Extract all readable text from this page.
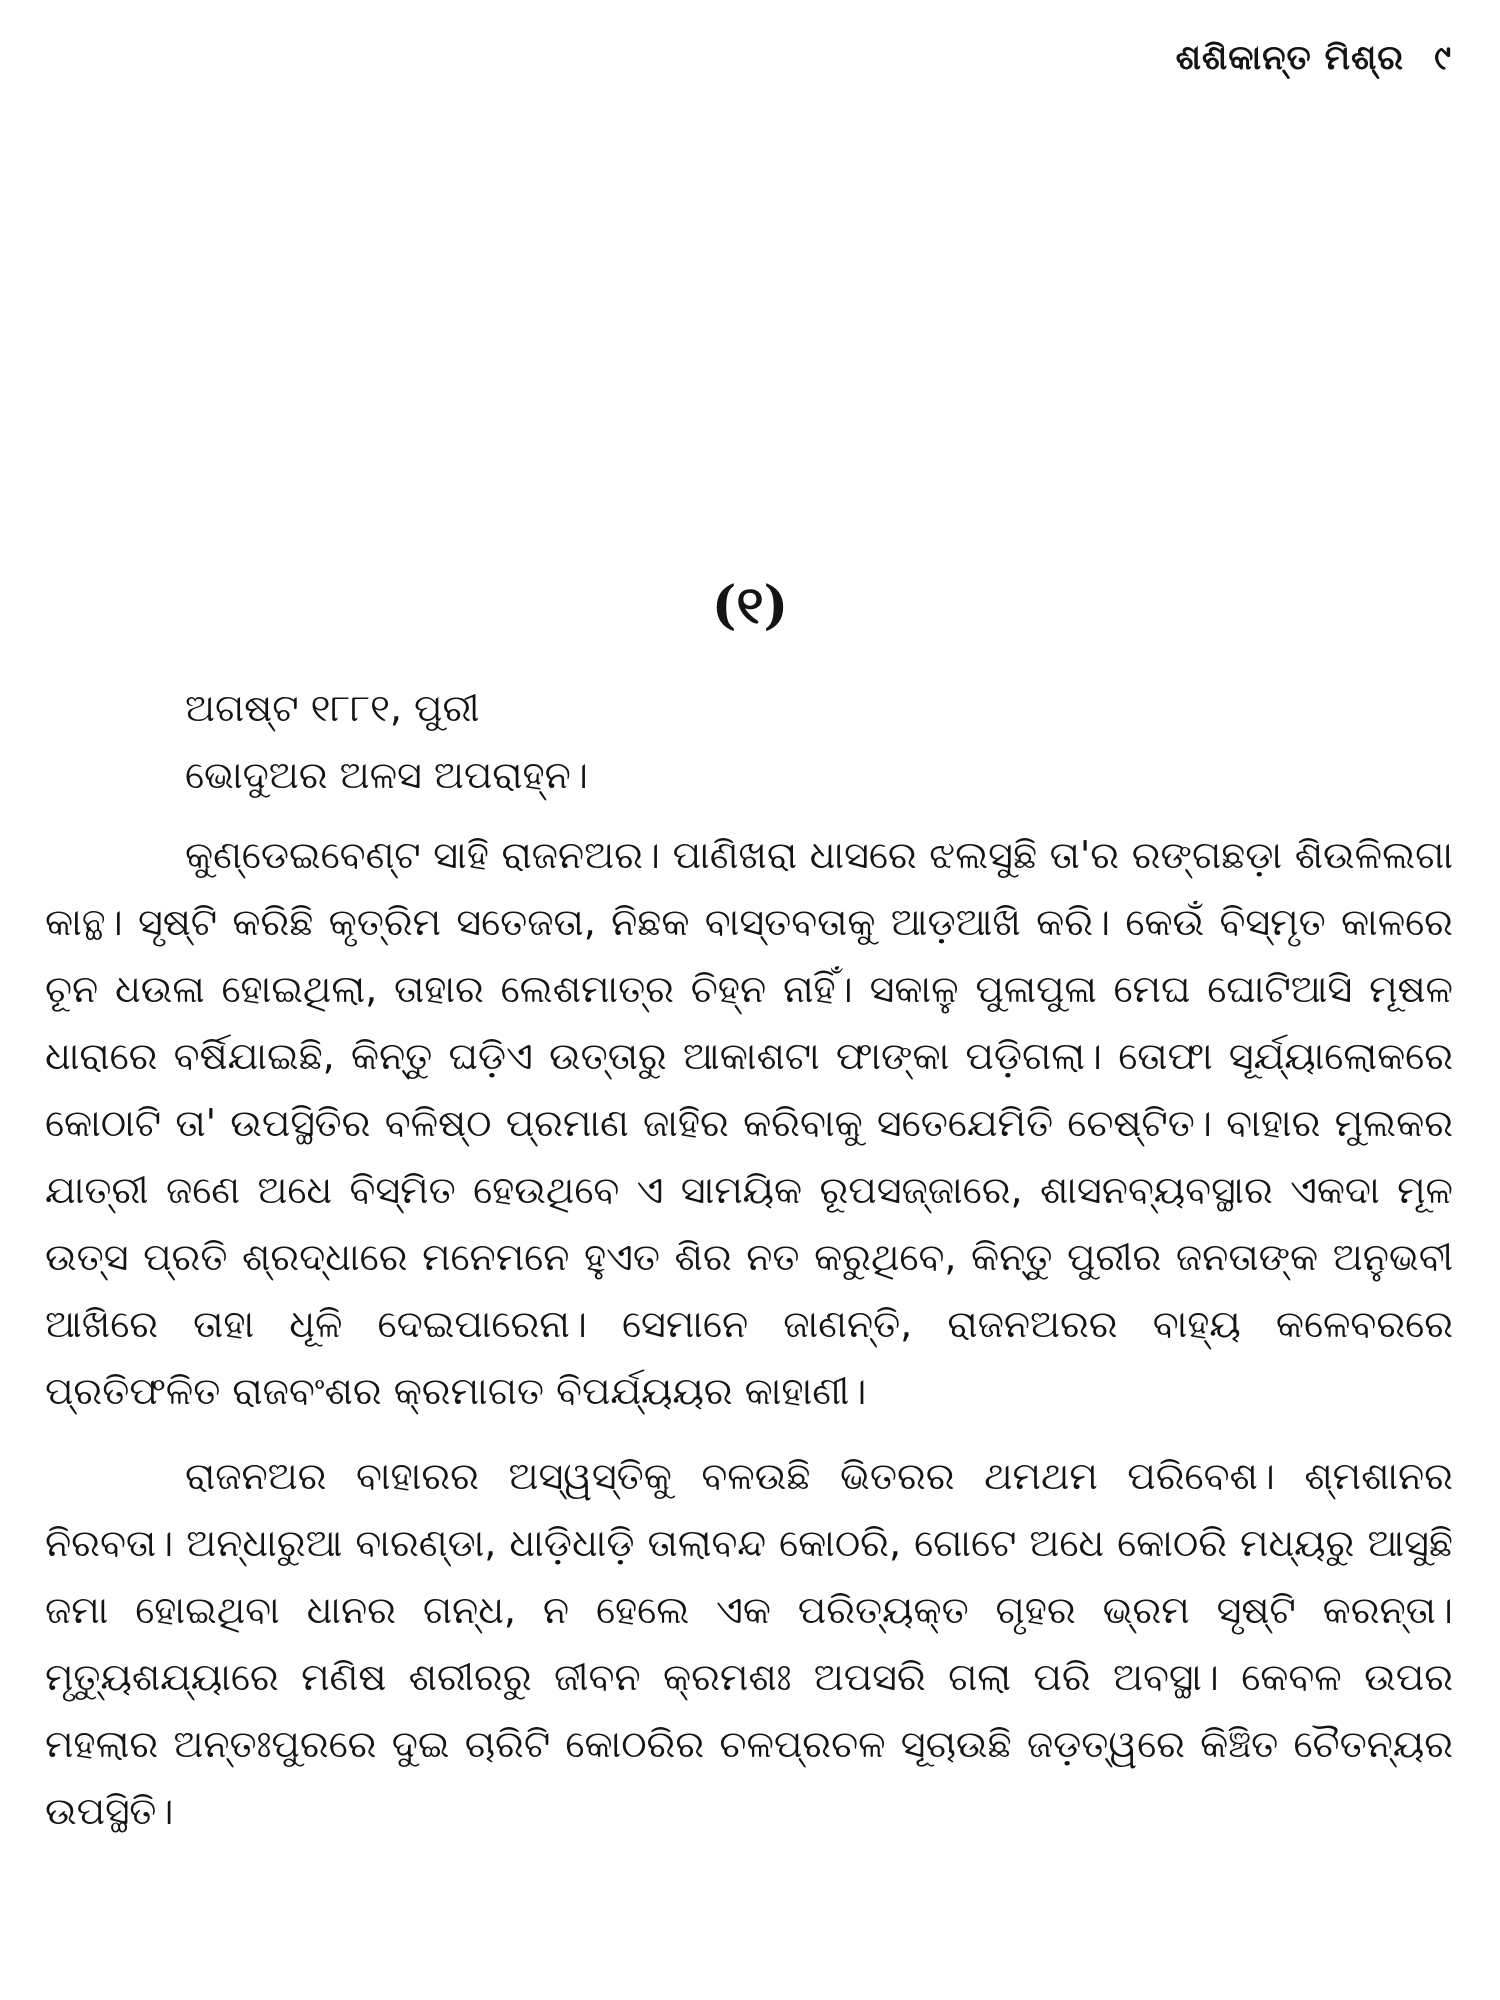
ଶଶିକାନ୍ତ ମିଶ୍ର ୯
(୧)

ଅଗଷ୍ଟ ୧୮୮୧, ପୁରୀ

ଭୋଦୁଅର ଅଳସ ଅପରାହ୍ନ।

କୁଣ୍ଡେଇବେଣ୍ଟ ସାହି ରାଜନଅର। ପାଣିଖରା ଧାସରେ ଝଲସୁଛି ତା'ର ରଙ୍ଗଛଡ଼ା ଶିଉଳିଲଗା କାନ୍ଥ। ସୃଷ୍ଟି କରିଛି କୃତ୍ରିମ ସତେଜତା, ନିଛକ ବାସ୍ତବତାକୁ ଆଡ଼ଆଖି କରି। କେଉଁ ବିସ୍ମୃତ କାଳରେ ଚୂନ ଧଉଳା ହୋଇଥିଲା, ତାହାର ଲେଶମାତ୍ର ଚିହ୍ନ ନାହିଁ। ସକାଳୁ ପୁଳାପୁଳା ମେଘ ଘୋଟିଆସି ମୂଷଳ ଧାରାରେ ବର୍ଷିଯାଇଛି, କିନ୍ତୁ ଘଡ଼ିଏ ଉତ୍ତାରୁ ଆକାଶଟା ଫାଙ୍କା ପଡ଼ିଗଲା। ତୋଫା ସୂର୍ଯ୍ୟାଲୋକରେ କୋଠାଟି ତା' ଉପସ୍ଥିତିର ବଳିଷ୍ଠ ପ୍ରମାଣ ଜାହିର କରିବାକୁ ସତେଯେମିତି ଚେଷ୍ଟିତ। ବାହାର ମୁଲକର ଯାତ୍ରୀ ଜଣେ ଅଧେ ବିସ୍ମିତ ହେଉଥିବେ ଏ ସାମୟିକ ରୂପସଜ୍ଜାରେ, ଶାସନବ୍ୟବସ୍ଥାର ଏକଦା ମୂଳ ଉତ୍ସ ପ୍ରତି ଶ୍ରଦ୍ଧାରେ ମନେମନେ ହୁଏତ ଶିର ନତ କରୁଥିବେ, କିନ୍ତୁ ପୁରୀର ଜନତାଙ୍କ ଅନୁଭବୀ ଆଖିରେ ତାହା ଧୂଳି ଦେଇପାରେନା। ସେମାନେ ଜାଣନ୍ତି, ରାଜନଅରର ବାହ୍ୟ କଳେବରରେ ପ୍ରତିଫଳିତ ରାଜବଂଶର କ୍ରମାଗତ ବିପର୍ଯ୍ୟୟର କାହାଣୀ।

ରାଜନଅର ବାହାରର ଅସ୍ୱସ୍ତିକୁ ବଳଉଛି ଭିତରର ଥମଥମ ପରିବେଶ। ଶ୍ମଶାନର ନିରବତା। ଅନ୍ଧାରୁଆ ବାରଣ୍ଡା, ଧାଡ଼ିଧାଡ଼ି ତାଲାବନ୍ଦ କୋଠରି, ଗୋଟେ ଅଧେ କୋଠରି ମଧ୍ୟରୁ ଆସୁଛି ଜମା ହୋଇଥିବା ଧାନର ଗନ୍ଧ, ନ ହେଲେ ଏକ ପରିତ୍ୟକ୍ତ ଗୃହର ଭ୍ରମ ସୃଷ୍ଟି କରନ୍ତା। ମୃତ୍ୟୁଶଯ୍ୟାରେ ମଣିଷ ଶରୀରରୁ ଜୀବନ କ୍ରମଶଃ ଅପସରି ଗଲା ପରି ଅବସ୍ଥା। କେବଳ ଉପର ମହଲାର ଅନ୍ତଃପୁରରେ ଦୁଇ ଚାରିଟି କୋଠରିର ଚଳପ୍ରଚଳ ସୂଚାଉଛି ଜଡ଼ତ୍ୱରେ କିଞ୍ଚିତ ଚୈତନ୍ୟର ଉପସ୍ଥିତି।
